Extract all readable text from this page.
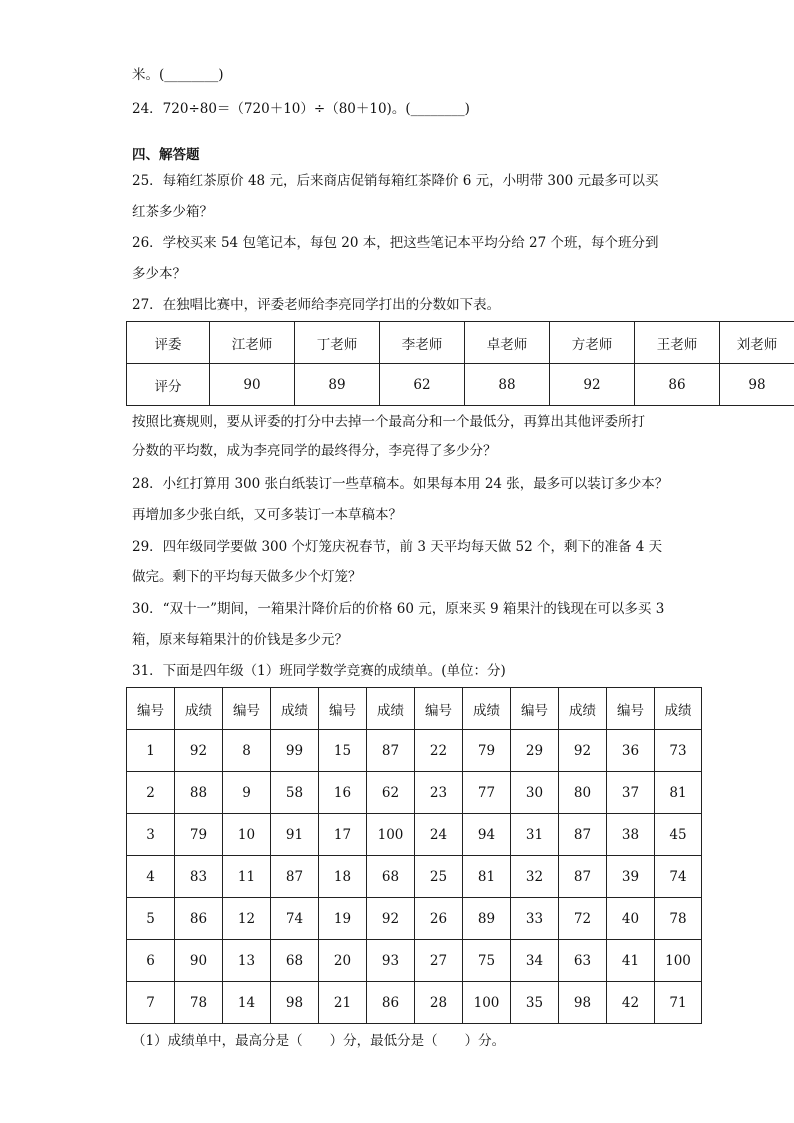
米。(________)
24．720÷80＝（720＋10）÷（80＋10)。(________)
四、解答题
25．每箱红茶原价 48 元，后来商店促销每箱红茶降价 6 元，小明带 300 元最多可以买
红茶多少箱？
26．学校买来 54 包笔记本，每包 20 本，把这些笔记本平均分给 27 个班，每个班分到
多少本？
27．在独唱比赛中，评委老师给李亮同学打出的分数如下表。
评委	江老师	丁老师	李老师	卓老师	方老师	王老师	刘老师
评分	90	89	62	88	92	86	98
按照比赛规则，要从评委的打分中去掉一个最高分和一个最低分，再算出其他评委所打
分数的平均数，成为李亮同学的最终得分，李亮得了多少分？
28．小红打算用 300 张白纸装订一些草稿本。如果每本用 24 张，最多可以装订多少本？
再增加多少张白纸，又可多装订一本草稿本？
29．四年级同学要做 300 个灯笼庆祝春节，前 3 天平均每天做 52 个，剩下的准备 4 天
做完。剩下的平均每天做多少个灯笼？
30．“双十一”期间，一箱果汁降价后的价格 60 元，原来买 9 箱果汁的钱现在可以多买 3
箱，原来每箱果汁的价钱是多少元？
31．下面是四年级（1）班同学数学竞赛的成绩单。(单位：分)
编号	成绩	编号	成绩	编号	成绩	编号	成绩	编号	成绩	编号	成绩
1	92	8	99	15	87	22	79	29	92	36	73
2	88	9	58	16	62	23	77	30	80	37	81
3	79	10	91	17	100	24	94	31	87	38	45
4	83	11	87	18	68	25	81	32	87	39	74
5	86	12	74	19	92	26	89	33	72	40	78
6	90	13	68	20	93	27	75	34	63	41	100
7	78	14	98	21	86	28	100	35	98	42	71
（1）成绩单中，最高分是（　　）分，最低分是（　　）分。
